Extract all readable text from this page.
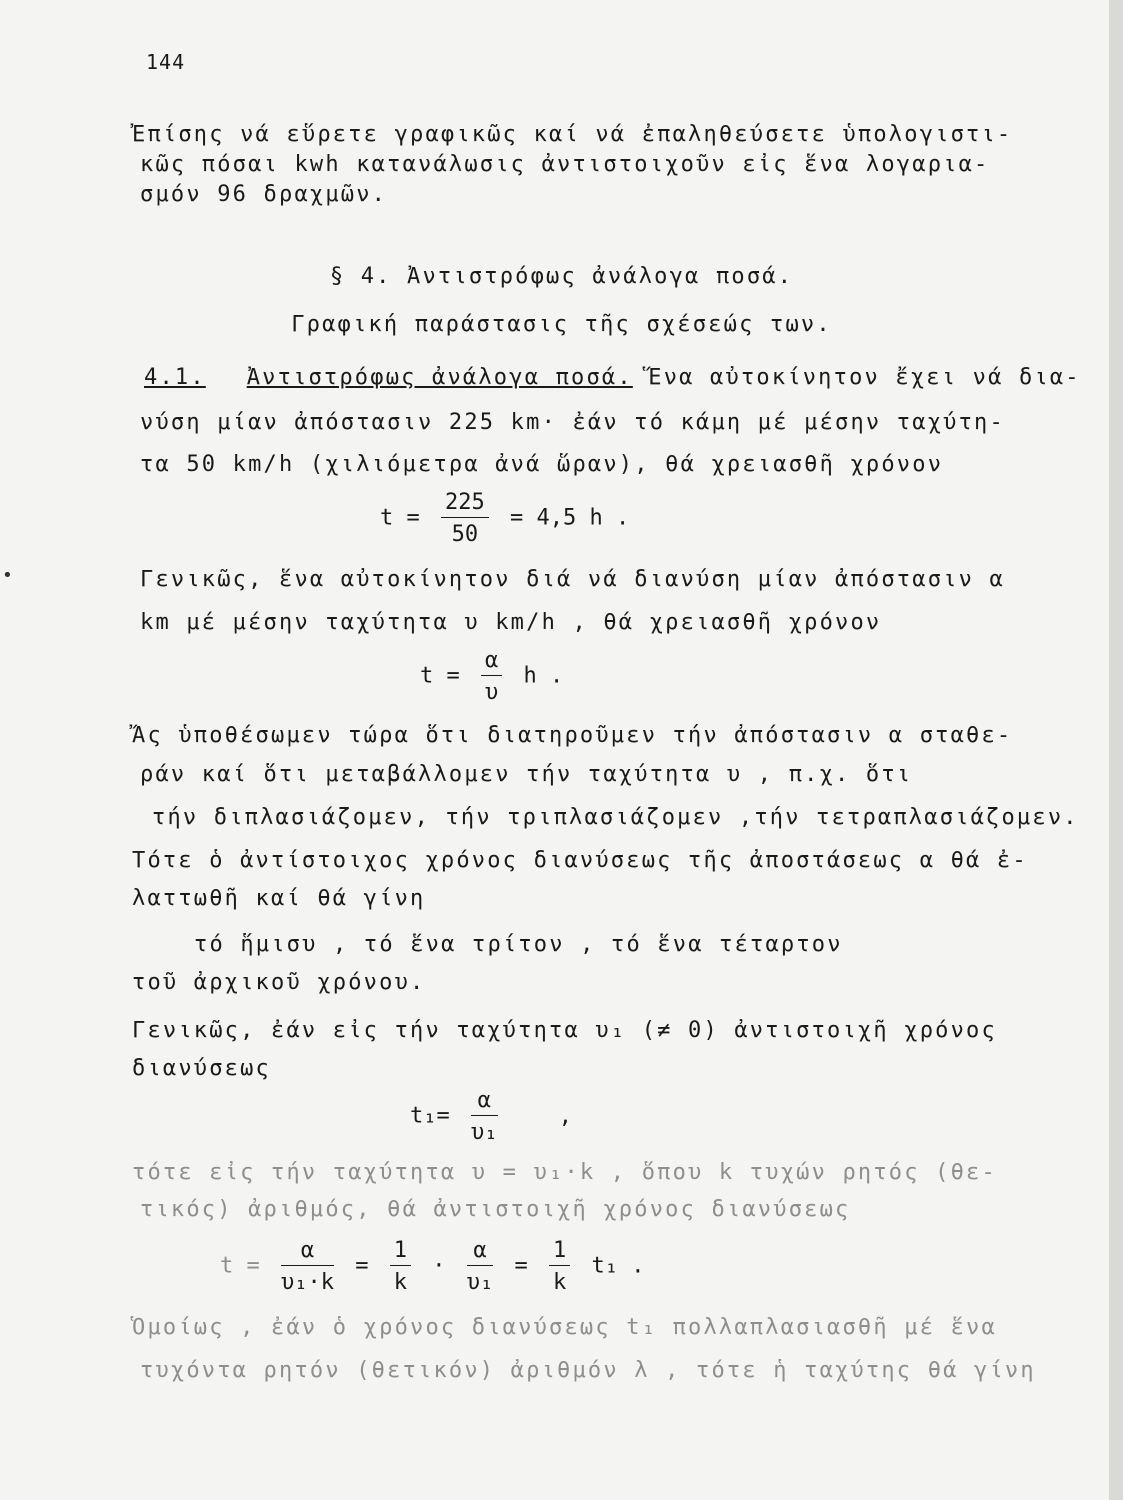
•
144
Ἐπίσης νά εὕρετε γραφικῶς καί νά ἐπαληθεύσετε ὑπολογιστι-
κῶς πόσαι kwh κατανάλωσις ἀντιστοιχοῦν εἰς ἕνα λογαρια-
σμόν 96 δραχμῶν.
§ 4. Ἀντιστρόφως ἀνάλογα ποσά.
Γραφική παράστασις τῆς σχέσεώς των.
4.1. Ἀντιστρόφως ἀνάλογα ποσά. Ἕνα αὐτοκίνητον ἔχει νά δια-
νύση μίαν ἀπόστασιν 225 km· ἐάν τό κάμη μέ μέσην ταχύτη-
τα 50 km/h (χιλιόμετρα ἀνά ὥραν), θά χρειασθῆ χρόνον
$t = \frac{225}{50} = 4,5$ h .
Γενικῶς, ἕνα αὐτοκίνητον διά νά διανύση μίαν ἀπόστασιν α
km μέ μέσην ταχύτητα υ km/h , θά χρειασθῆ χρόνον
$t = \frac{\alpha}{\upsilon}$ h .
Ἄς ὑποθέσωμεν τώρα ὅτι διατηροῦμεν τήν ἀπόστασιν α σταθε-
ράν καί ὅτι μεταβάλλομεν τήν ταχύτητα υ , π.χ. ὅτι
τήν διπλασιάζομεν, τήν τριπλασιάζομεν ,τήν τετραπλασιάζομεν.
Τότε ὁ ἀντίστοιχος χρόνος διανύσεως τῆς ἀποστάσεως α θά ἐ-
λαττωθῆ καί θά γίνη
τό ἥμισυ , τό ἕνα τρίτον , τό ἕνα τέταρτον
τοῦ ἀρχικοῦ χρόνου.
Γενικῶς, ἐάν εἰς τήν ταχύτητα υ₁ (≠ 0) ἀντιστοιχῆ χρόνος
διανύσεως
$t_1= \frac{\alpha}{\text{υ₁}}$	,
τότε εἰς τήν ταχύτητα υ = υ₁·k , ὅπου k τυχών ρητός (θε-
τικός) ἀριθμός, θά ἀντιστοιχῆ χρόνος διανύσεως
$t = \frac{\alpha}{\text{υ₁·k}} = \frac{1}{k} \cdot \frac{\alpha}{\text{υ₁}} = \frac{1}{k} t_1$ .
Ὁμοίως , ἐάν ὁ χρόνος διανύσεως t₁ πολλαπλασιασθῆ μέ ἕνα
τυχόντα ρητόν (θετικόν) ἀριθμόν λ , τότε ἡ ταχύτης θά γίνη
